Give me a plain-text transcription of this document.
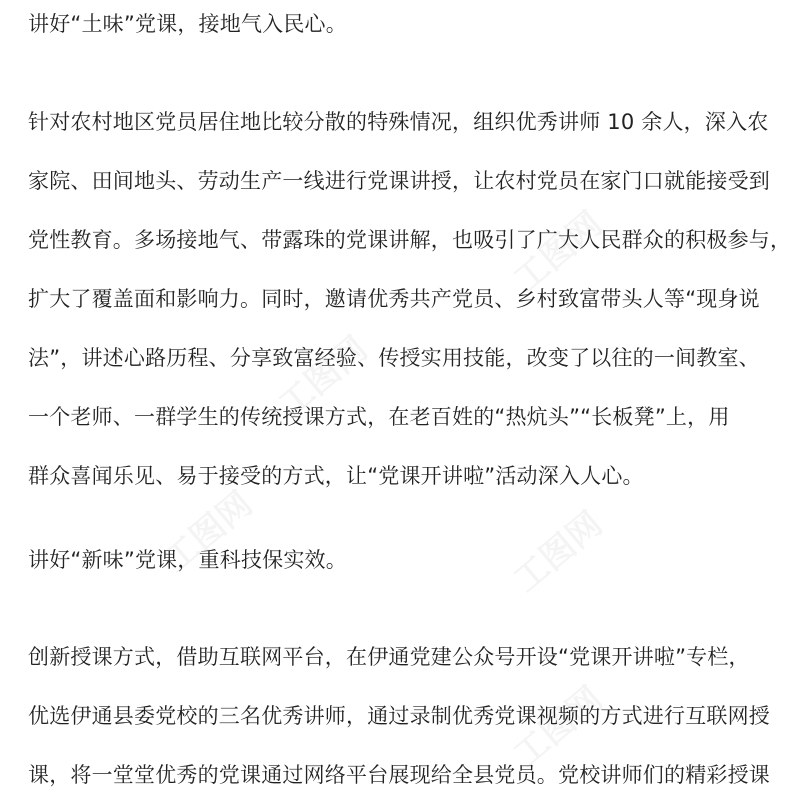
讲好“土味”党课，接地气入民心。
针对农村地区党员居住地比较分散的特殊情况，组织优秀讲师 10 余人，深入农
家院、田间地头、劳动生产一线进行党课讲授，让农村党员在家门口就能接受到
党性教育。多场接地气、带露珠的党课讲解，也吸引了广大人民群众的积极参与，
扩大了覆盖面和影响力。同时，邀请优秀共产党员、乡村致富带头人等“现身说
法”，讲述心路历程、分享致富经验、传授实用技能，改变了以往的一间教室、
一个老师、一群学生的传统授课方式，在老百姓的“热炕头”“长板凳”上，用
群众喜闻乐见、易于接受的方式，让“党课开讲啦”活动深入人心。
讲好“新味”党课，重科技保实效。
创新授课方式，借助互联网平台，在伊通党建公众号开设“党课开讲啦”专栏，
优选伊通县委党校的三名优秀讲师，通过录制优秀党课视频的方式进行互联网授
课，将一堂堂优秀的党课通过网络平台展现给全县党员。党校讲师们的精彩授课
